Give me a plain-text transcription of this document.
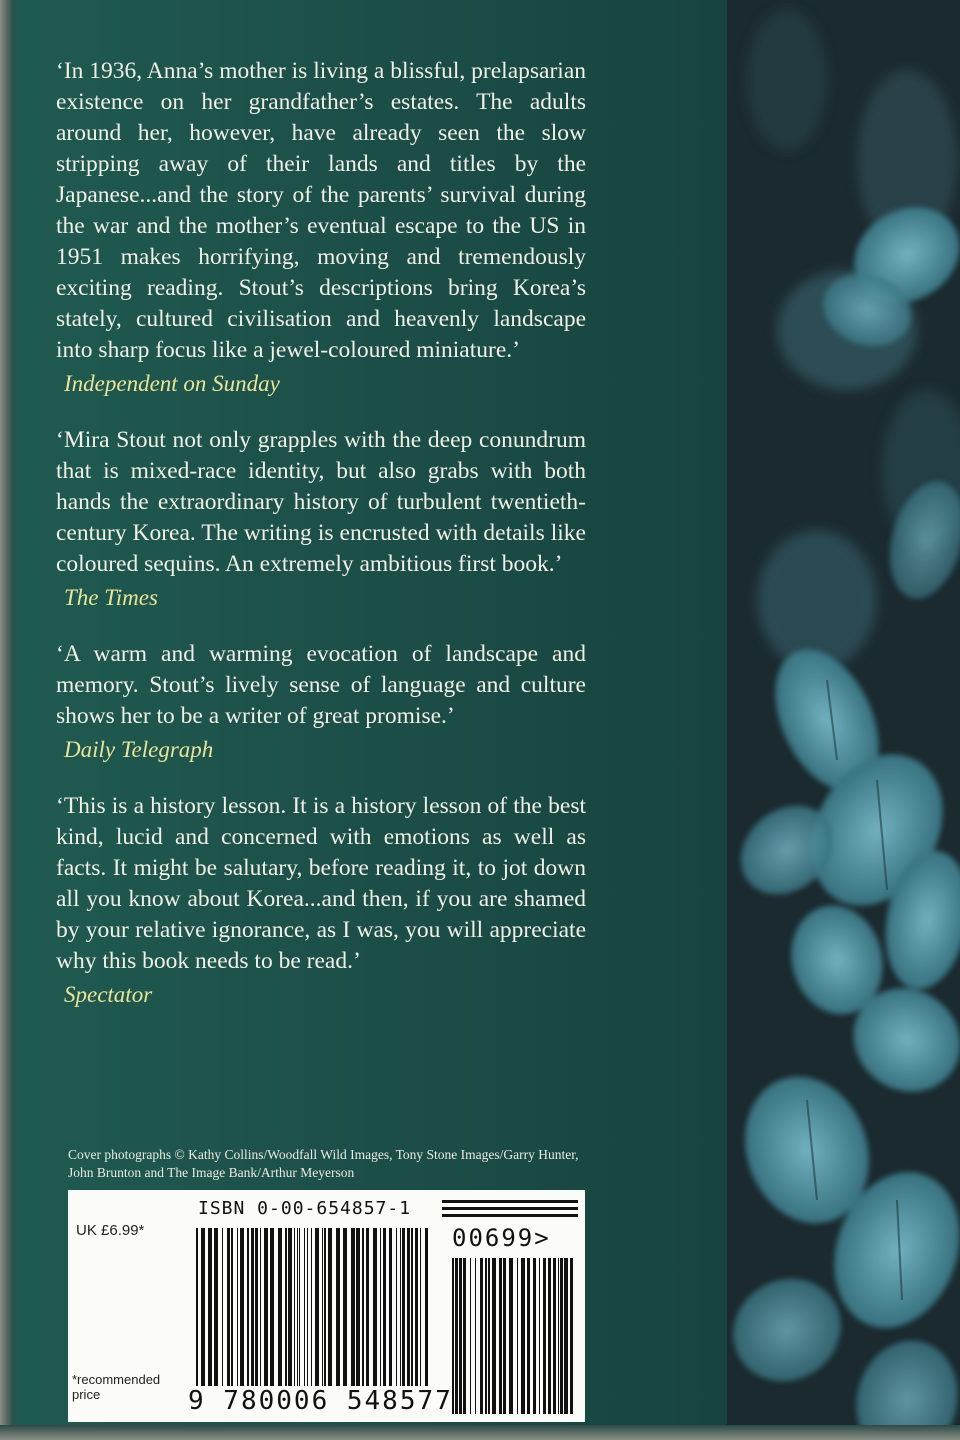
‘In 1936, Anna’s mother is living a blissful, prelapsarian existence on her grandfather’s estates. The adults around her, however, have already seen the slow stripping away of their lands and titles by the Japanese...and the story of the parents’ survival during the war and the mother’s eventual escape to the US in 1951 makes horrifying, moving and tremendously exciting reading. Stout’s descriptions bring Korea’s stately, cultured civilisation and heavenly landscape into sharp focus like a jewel-coloured miniature.’

Independent on Sunday

‘Mira Stout not only grapples with the deep conundrum that is mixed-race identity, but also grabs with both hands the extraordinary history of turbulent twentieth-century Korea. The writing is encrusted with details like coloured sequins. An extremely ambitious first book.’

The Times

‘A warm and warming evocation of landscape and memory. Stout’s lively sense of language and culture shows her to be a writer of great promise.’

Daily Telegraph

‘This is a history lesson. It is a history lesson of the best kind, lucid and concerned with emotions as well as facts. It might be salutary, before reading it, to jot down all you know about Korea...and then, if you are shamed by your relative ignorance, as I was, you will appreciate why this book needs to be read.’

Spectator
Cover photographs © Kathy Collins/Woodfall Wild Images, Tony Stone Images/Garry Hunter, John Brunton and The Image Bank/Arthur Meyerson
ISBN 0-00-654857-1
UK £6.99*	00699>
*recommended price	9 780006 548577
